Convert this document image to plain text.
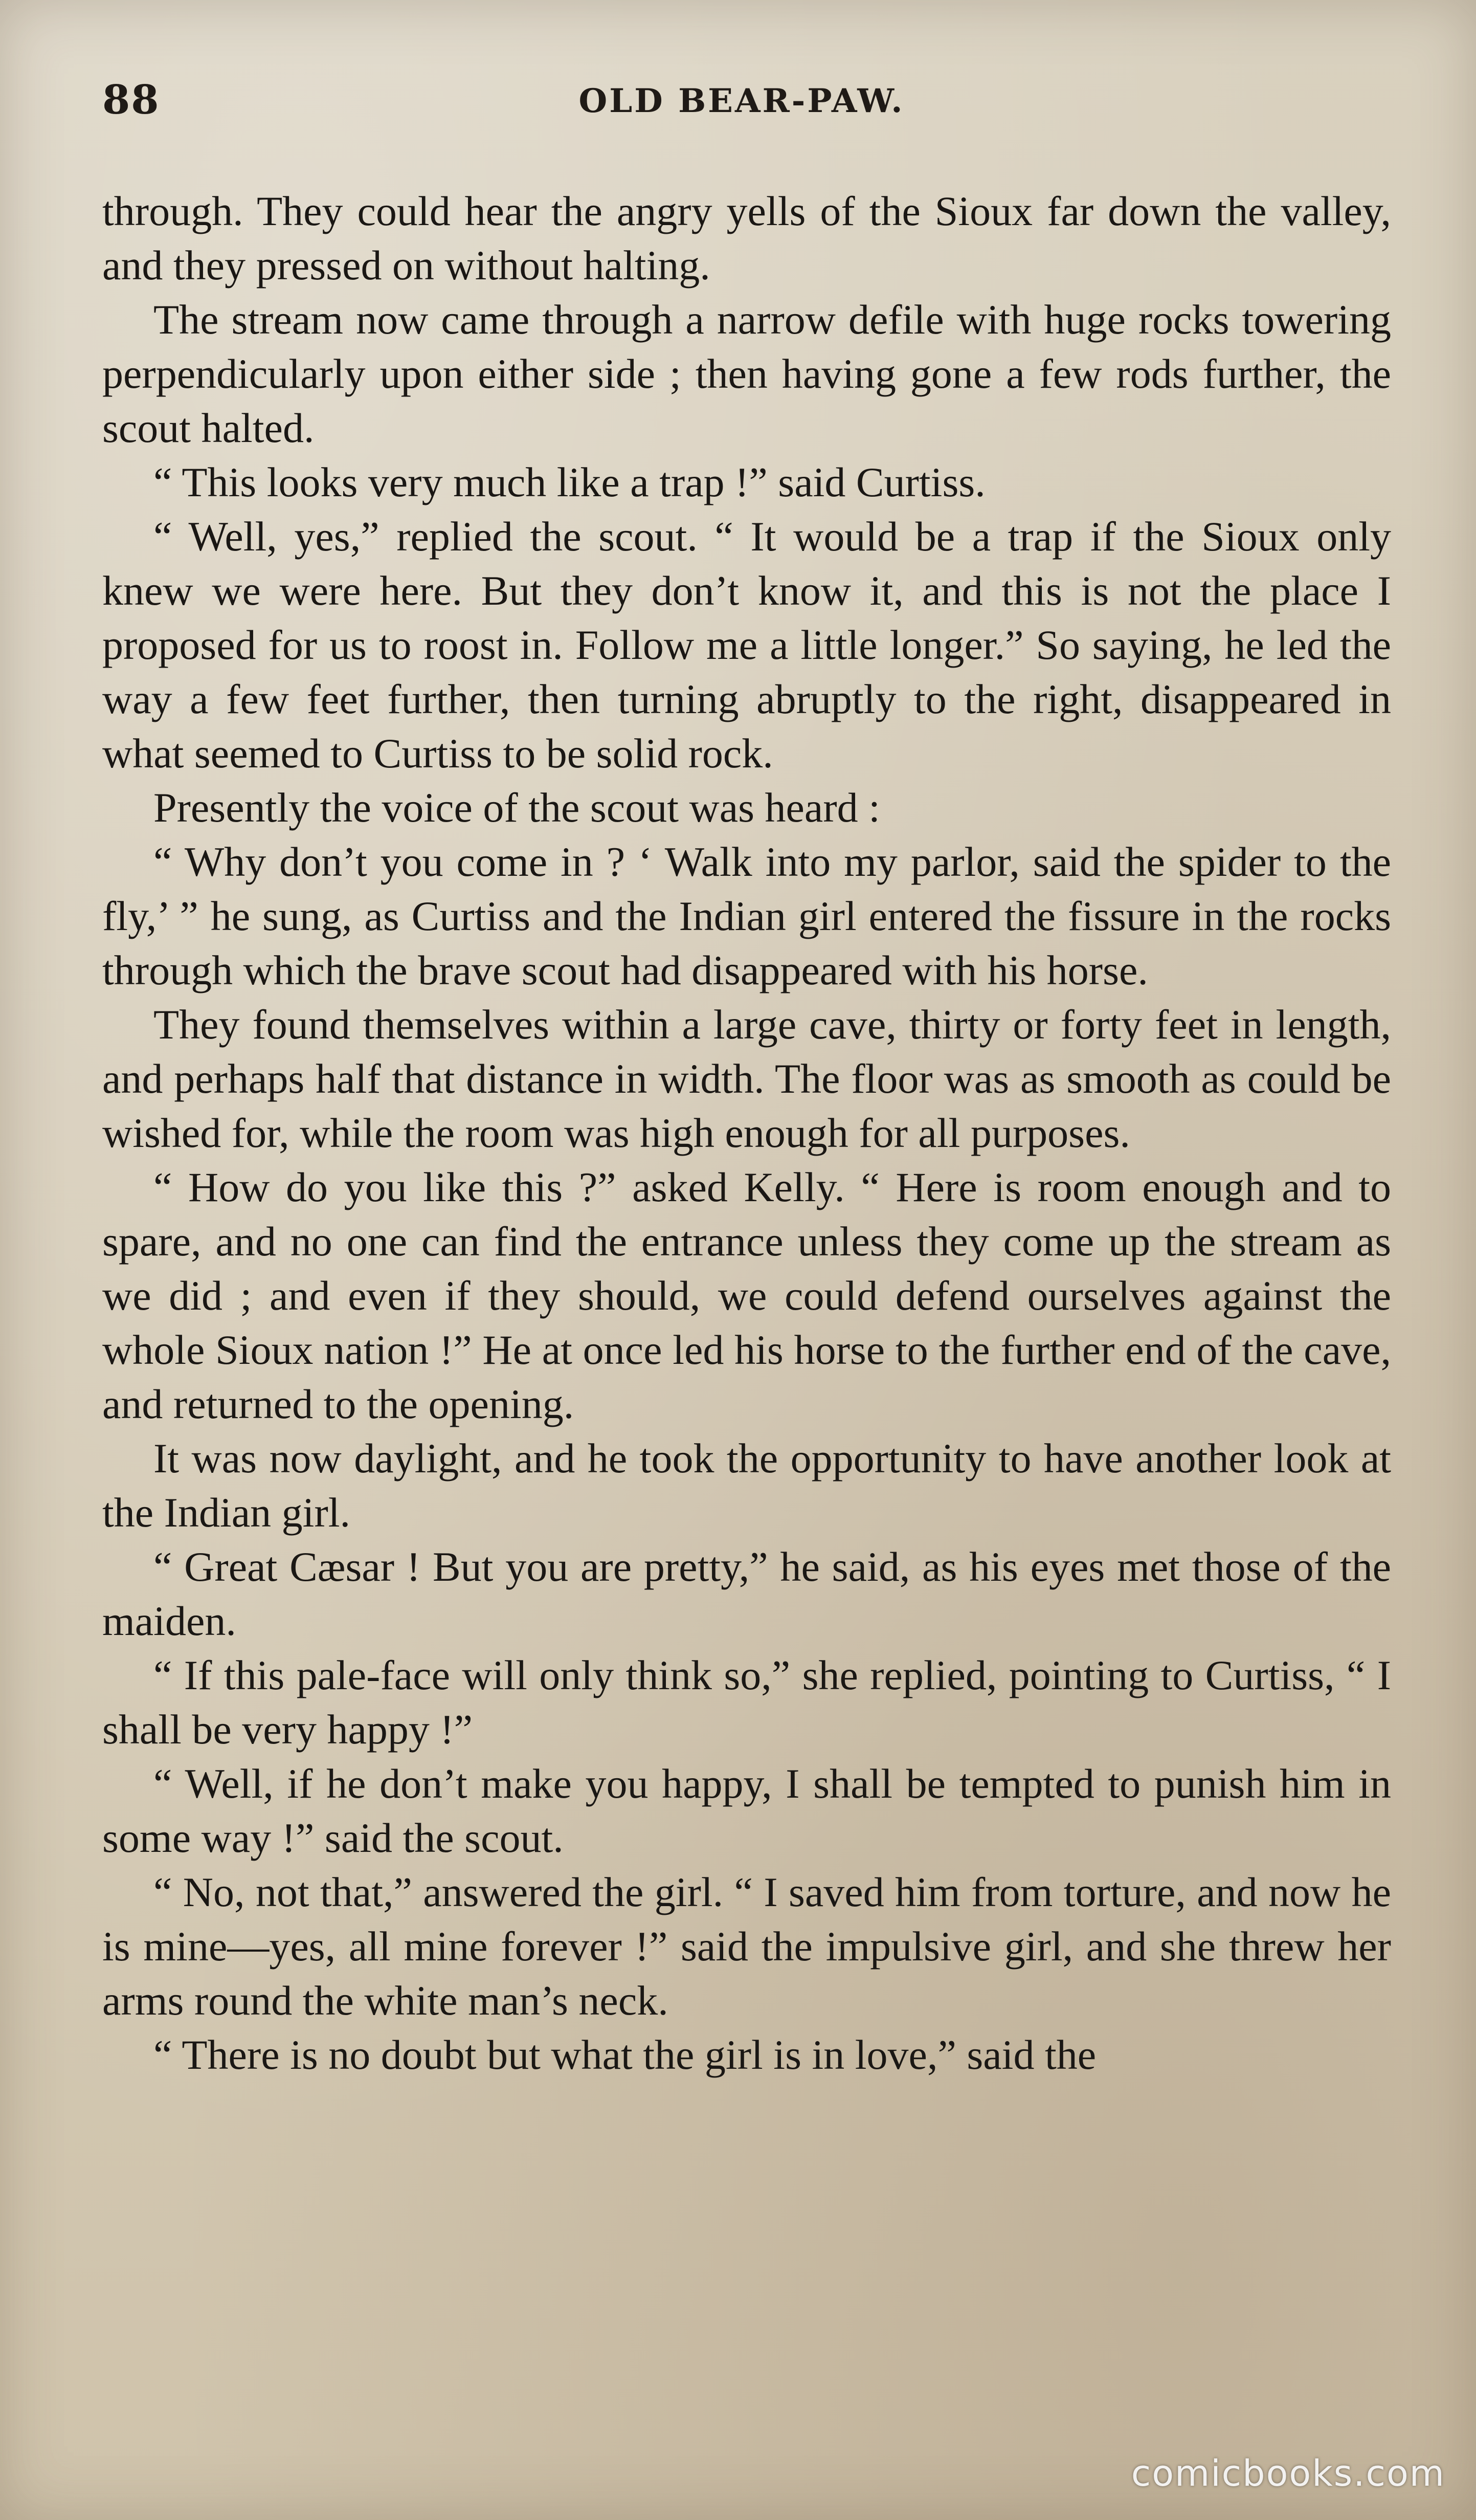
88	OLD BEAR-PAW.

through. They could hear the angry yells of the Sioux far down the valley, and they pressed on without halting.

The stream now came through a narrow defile with huge rocks towering perpendicularly upon either side ; then having gone a few rods further, the scout halted.

“ This looks very much like a trap !” said Curtiss.

“ Well, yes,” replied the scout. “ It would be a trap if the Sioux only knew we were here. But they don’t know it, and this is not the place I proposed for us to roost in. Follow me a little longer.” So saying, he led the way a few feet further, then turning abruptly to the right, disappeared in what seemed to Curtiss to be solid rock.

Presently the voice of the scout was heard :

“ Why don’t you come in ? ‘ Walk into my parlor, said the spider to the fly,’ ” he sung, as Curtiss and the Indian girl entered the fissure in the rocks through which the brave scout had disappeared with his horse.

They found themselves within a large cave, thirty or forty feet in length, and perhaps half that distance in width. The floor was as smooth as could be wished for, while the room was high enough for all purposes.

“ How do you like this ?” asked Kelly. “ Here is room enough and to spare, and no one can find the entrance unless they come up the stream as we did ; and even if they should, we could defend ourselves against the whole Sioux nation !” He at once led his horse to the further end of the cave, and returned to the opening.

It was now daylight, and he took the opportunity to have another look at the Indian girl.

“ Great Cæsar ! But you are pretty,” he said, as his eyes met those of the maiden.

“ If this pale-face will only think so,” she replied, pointing to Curtiss, “ I shall be very happy !”

“ Well, if he don’t make you happy, I shall be tempted to punish him in some way !” said the scout.

“ No, not that,” answered the girl. “ I saved him from torture, and now he is mine—yes, all mine forever !” said the impulsive girl, and she threw her arms round the white man’s neck.

“ There is no doubt but what the girl is in love,” said the

comicbooks.com
